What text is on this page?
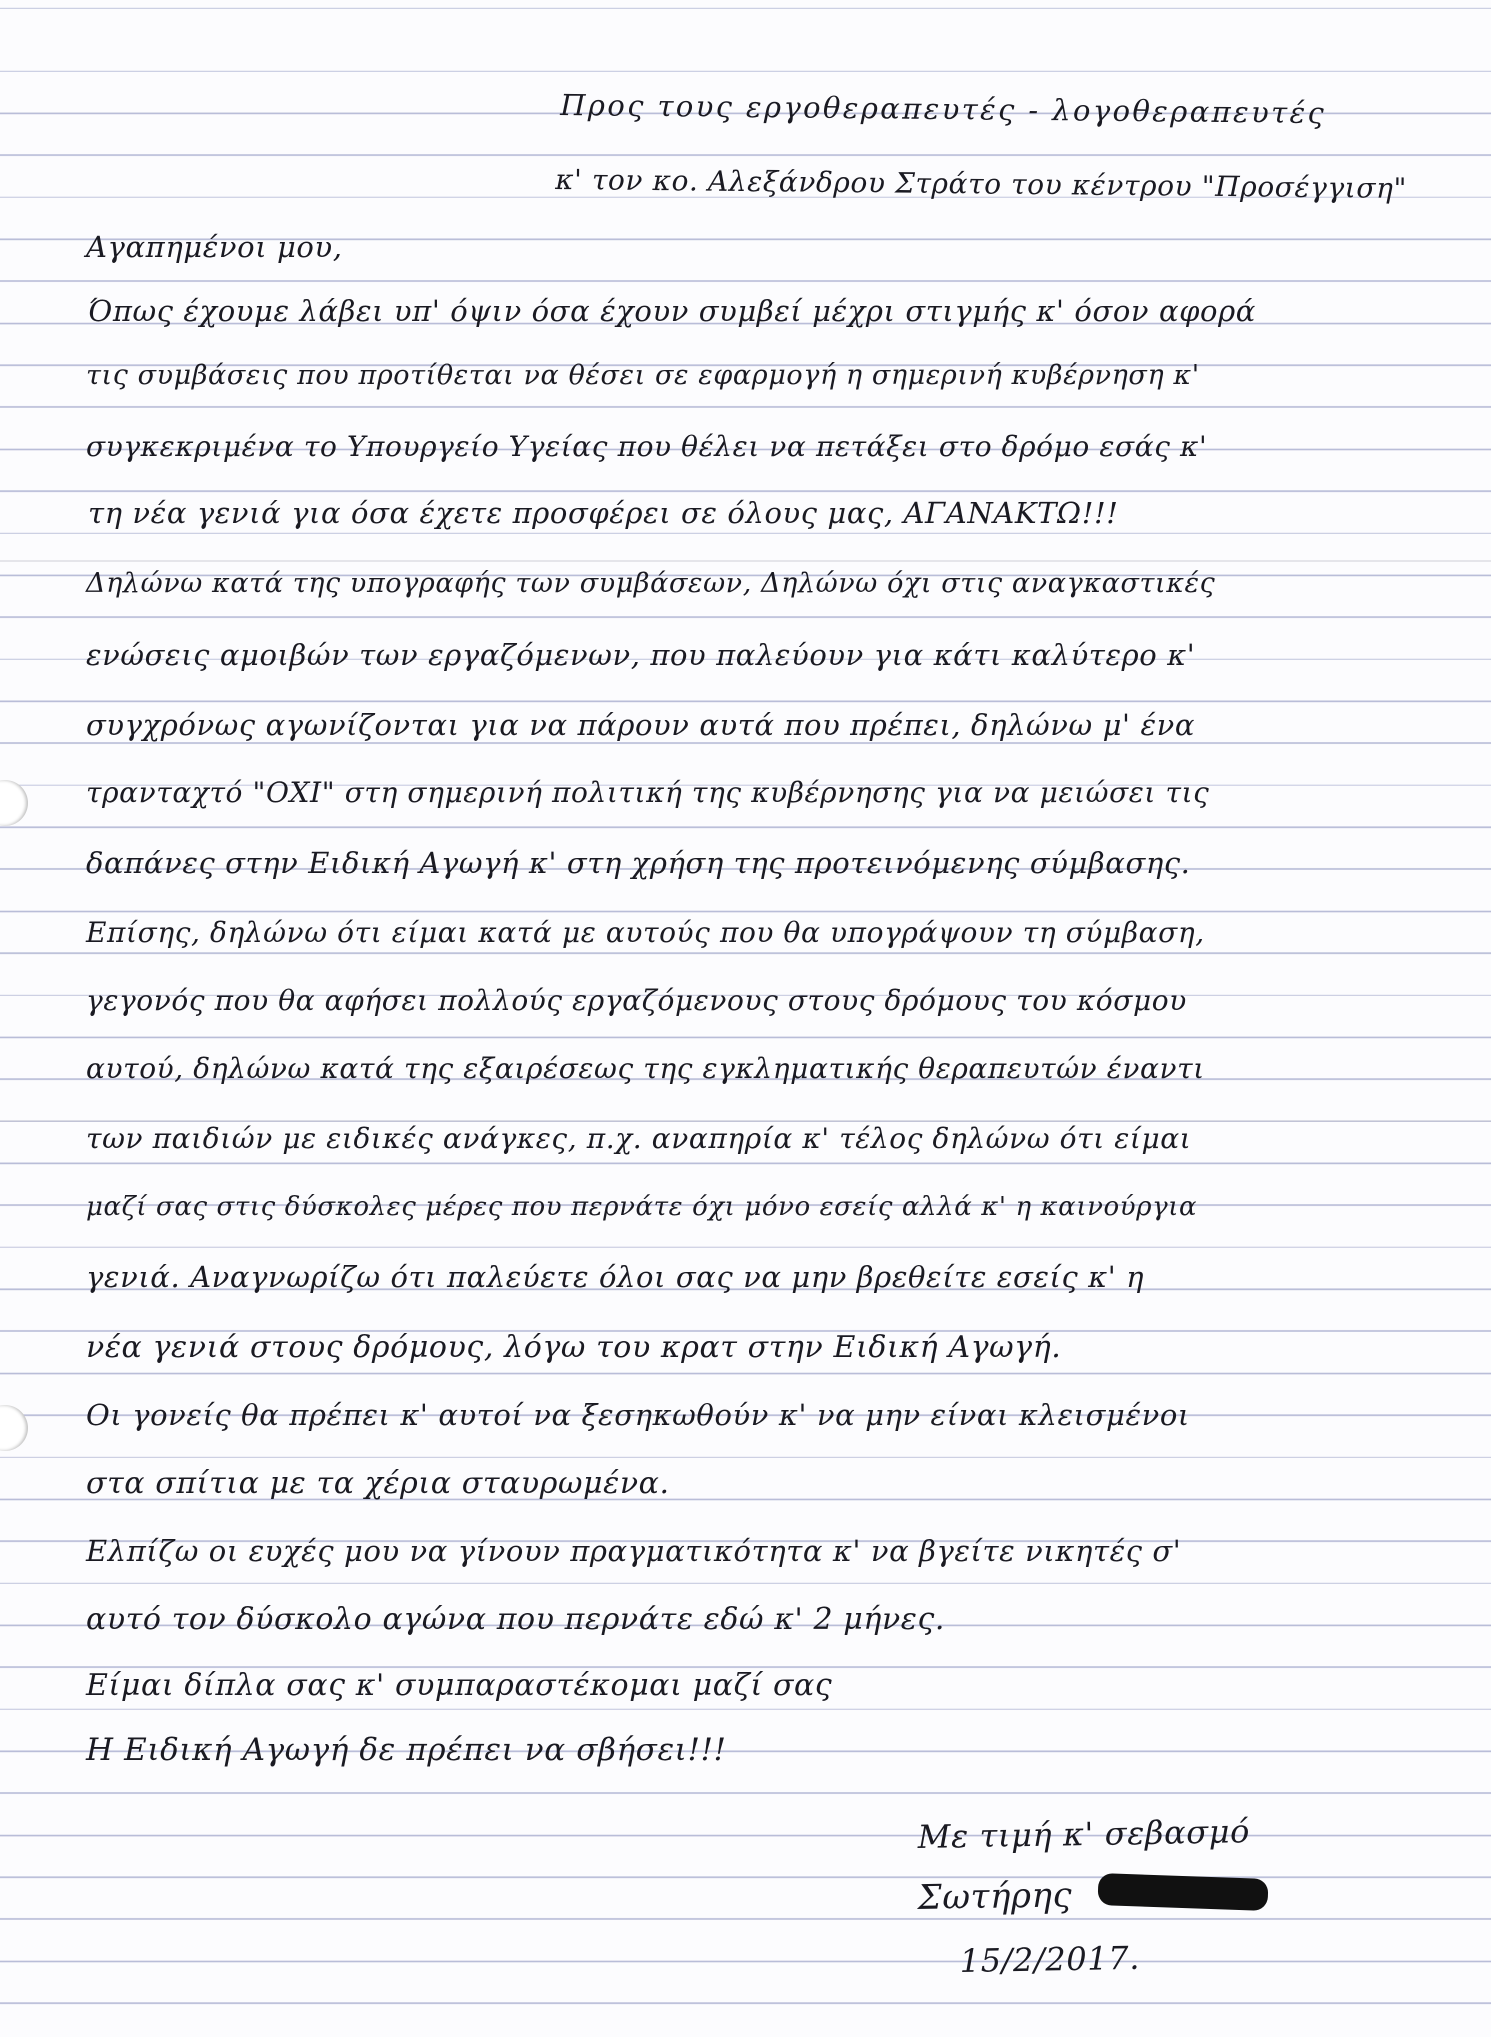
Προς τους εργοθεραπευτές - λογοθεραπευτές
κ' τον κο. Αλεξάνδρου Στράτο του κέντρου "Προσέγγιση"
Αγαπημένοι μου,
Όπως έχουμε λάβει υπ' όψιν όσα έχουν συμβεί μέχρι στιγμής κ' όσον αφορά
τις συμβάσεις που προτίθεται να θέσει σε εφαρμογή η σημερινή κυβέρνηση κ'
συγκεκριμένα το Υπουργείο Υγείας που θέλει να πετάξει στο δρόμο εσάς κ'
τη νέα γενιά για όσα έχετε προσφέρει σε όλους μας, ΑΓΑΝΑΚΤΩ!!!
Δηλώνω κατά της υπογραφής των συμβάσεων, Δηλώνω όχι στις αναγκαστικές
ενώσεις αμοιβών των εργαζόμενων, που παλεύουν για κάτι καλύτερο κ'
συγχρόνως αγωνίζονται για να πάρουν αυτά που πρέπει, δηλώνω μ' ένα
τρανταχτό "ΟΧΙ" στη σημερινή πολιτική της κυβέρνησης για να μειώσει τις
δαπάνες στην Ειδική Αγωγή κ' στη χρήση της προτεινόμενης σύμβασης.
Επίσης, δηλώνω ότι είμαι κατά με αυτούς που θα υπογράψουν τη σύμβαση,
γεγονός που θα αφήσει πολλούς εργαζόμενους στους δρόμους του κόσμου
αυτού, δηλώνω κατά της εξαιρέσεως της εγκληματικής θεραπευτών έναντι
των παιδιών με ειδικές ανάγκες, π.χ. αναπηρία κ' τέλος δηλώνω ότι είμαι
μαζί σας στις δύσκολες μέρες που περνάτε όχι μόνο εσείς αλλά κ' η καινούργια
γενιά. Αναγνωρίζω ότι παλεύετε όλοι σας να μην βρεθείτε εσείς κ' η
νέα γενιά στους δρόμους, λόγω του κρατ στην Ειδική Αγωγή.
Οι γονείς θα πρέπει κ' αυτοί να ξεσηκωθούν κ' να μην είναι κλεισμένοι
στα σπίτια με τα χέρια σταυρωμένα.
Ελπίζω οι ευχές μου να γίνουν πραγματικότητα κ' να βγείτε νικητές σ'
αυτό τον δύσκολο αγώνα που περνάτε εδώ κ' 2 μήνες.
Είμαι δίπλα σας κ' συμπαραστέκομαι μαζί σας
Η Ειδική Αγωγή δε πρέπει να σβήσει!!!
Με τιμή κ' σεβασμό
Σωτήρης
15/2/2017.
